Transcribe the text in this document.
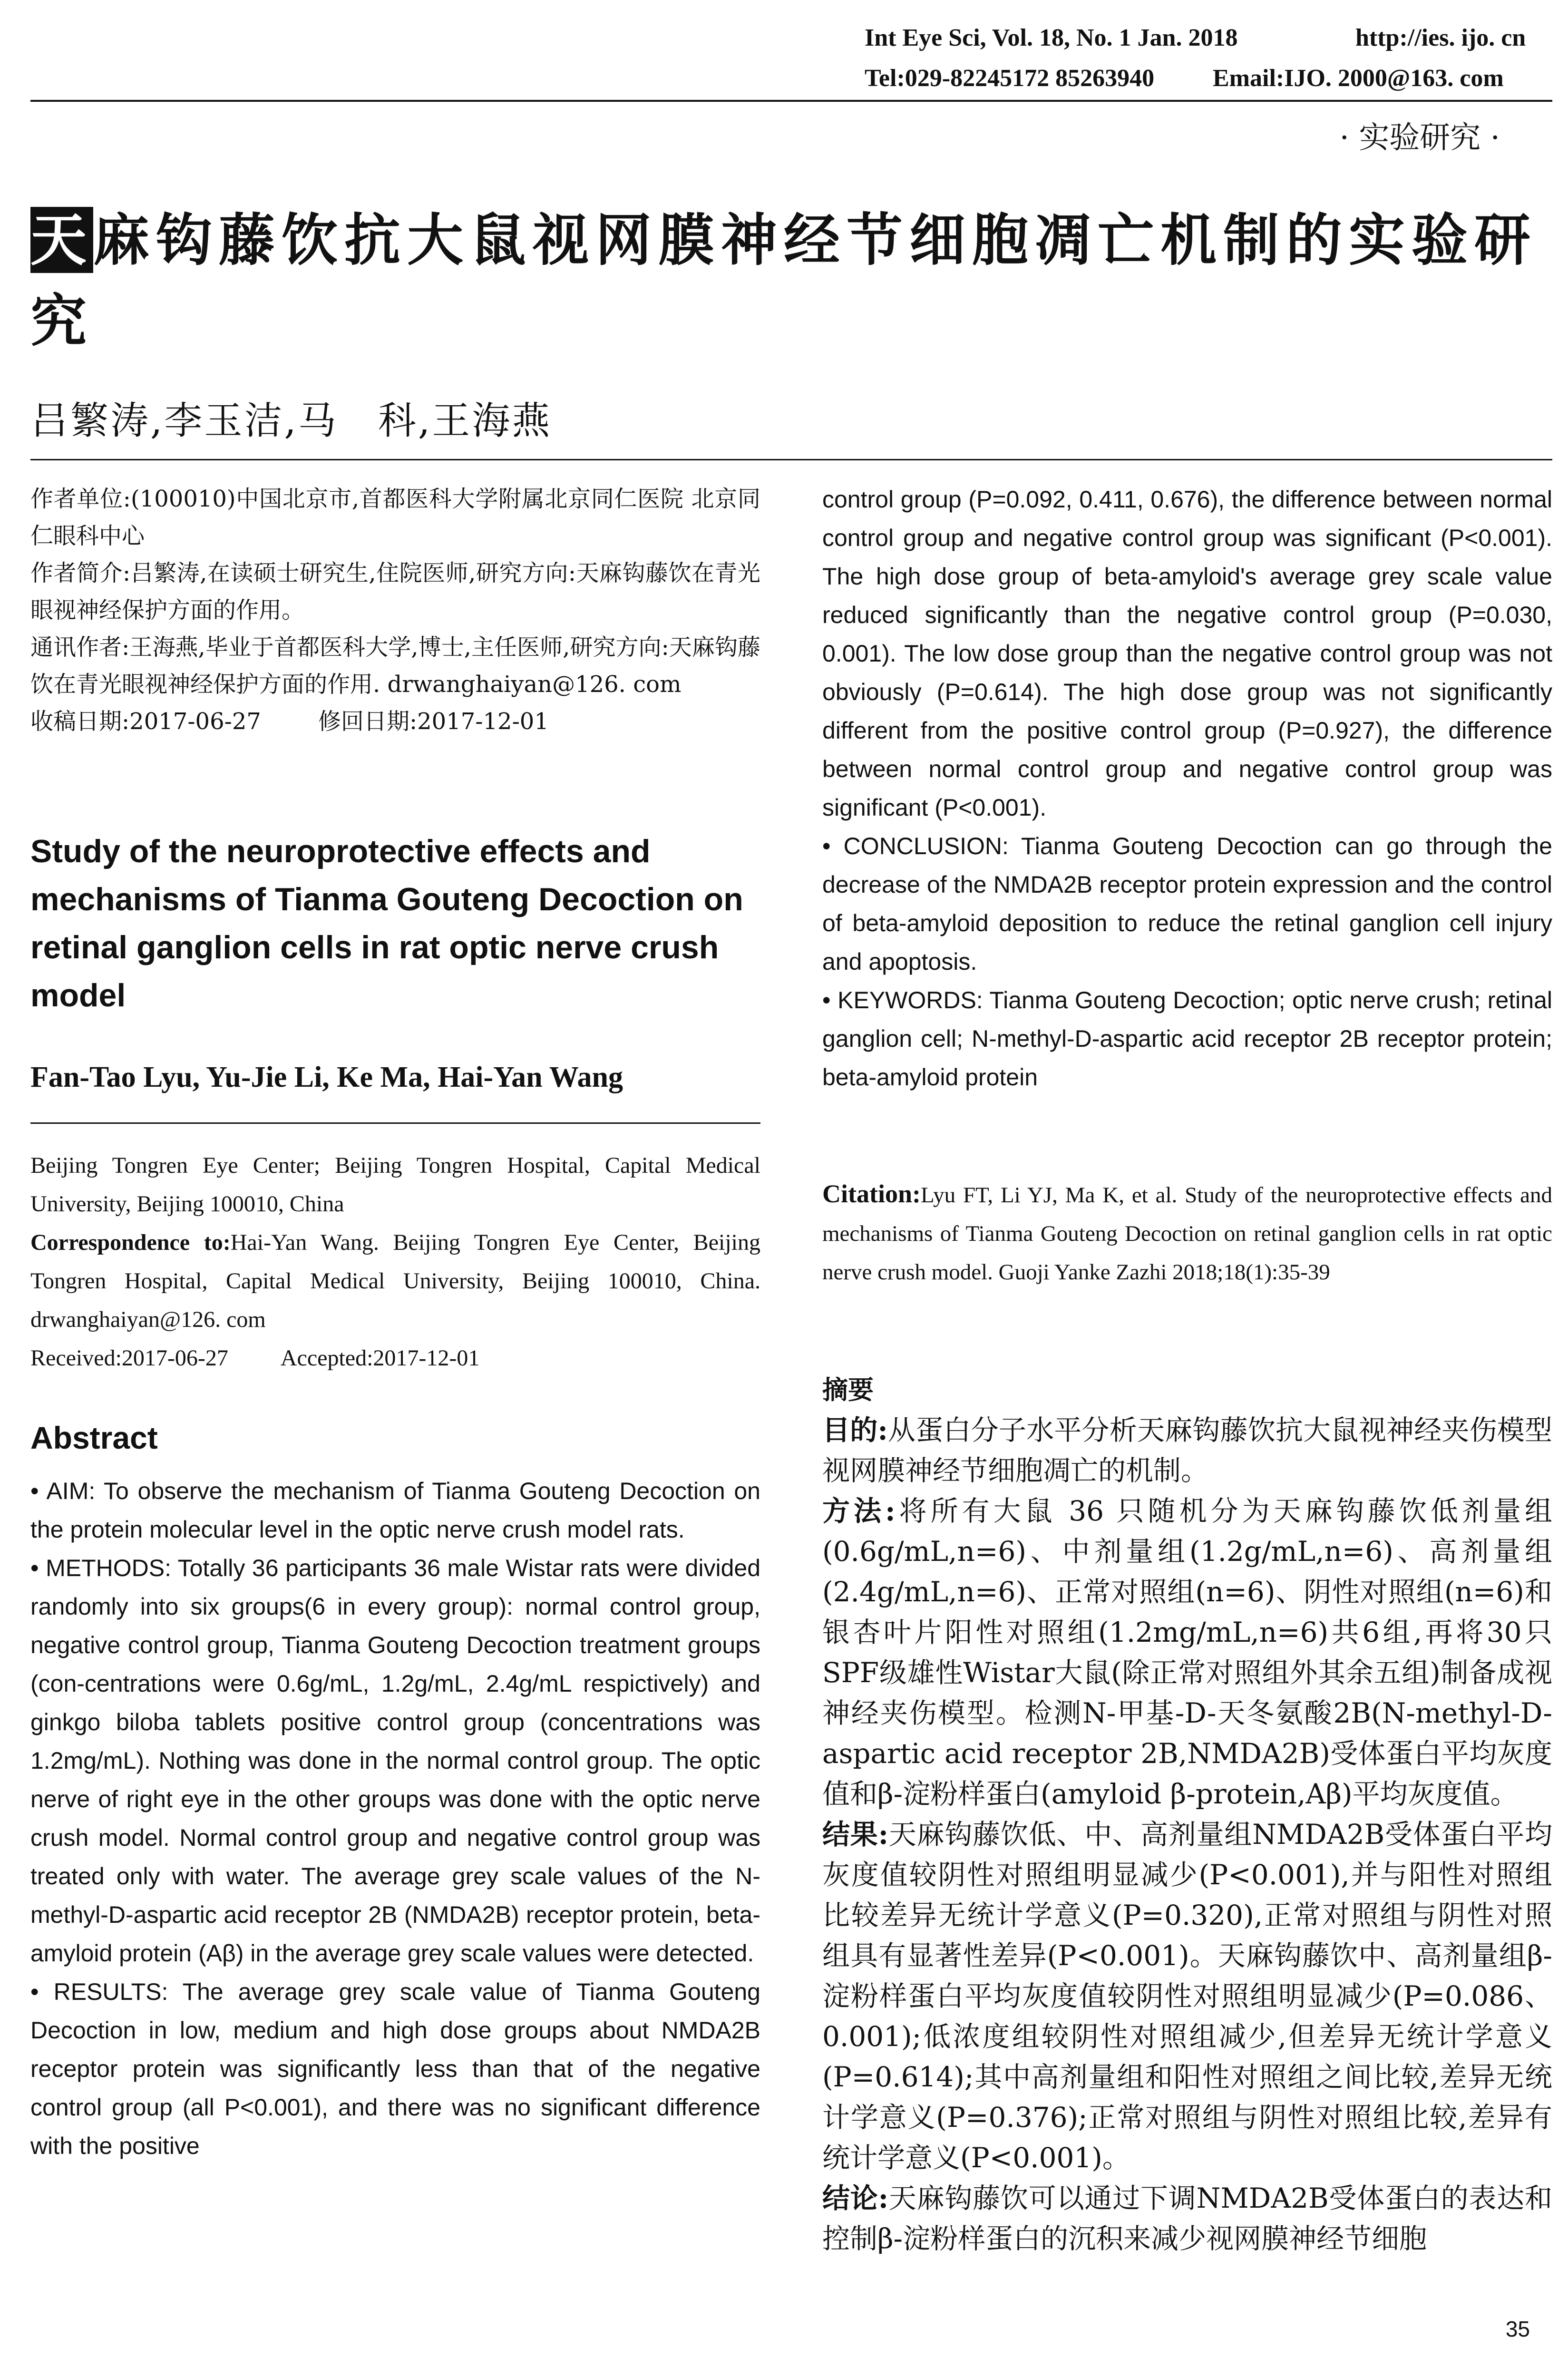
Int Eye Sci, Vol. 18, No. 1 Jan. 2018	http://ies. ijo. cn
Tel:029-82245172 85263940 Email:IJO. 2000@163. com
· 实验研究 ·
天麻钩藤饮抗大鼠视网膜神经节细胞凋亡机制的实验研究
吕繁涛,李玉洁,马　科,王海燕

作者单位:(100010)中国北京市,首都医科大学附属北京同仁医院 北京同仁眼科中心

作者简介:吕繁涛,在读硕士研究生,住院医师,研究方向:天麻钩藤饮在青光眼视神经保护方面的作用。

通讯作者:王海燕,毕业于首都医科大学,博士,主任医师,研究方向:天麻钩藤饮在青光眼视神经保护方面的作用. drwanghaiyan@126. com

收稿日期:2017-06-27	修回日期:2017-12-01

Study of the neuroprotective effects and mechanisms of Tianma Gouteng Decoction on retinal ganglion cells in rat optic nerve crush model
Fan-Tao Lyu, Yu-Jie Li, Ke Ma, Hai-Yan Wang

Beijing Tongren Eye Center; Beijing Tongren Hospital, Capital Medical University, Beijing 100010, China

Correspondence to:Hai-Yan Wang. Beijing Tongren Eye Center, Beijing Tongren Hospital, Capital Medical University, Beijing 100010, China. drwanghaiyan@126. com

Received:2017-06-27 Accepted:2017-12-01

Abstract

• AIM: To observe the mechanism of Tianma Gouteng Decoction on the protein molecular level in the optic nerve crush model rats.

• METHODS: Totally 36 participants 36 male Wistar rats were divided randomly into six groups(6 in every group): normal control group, negative control group, Tianma Gouteng Decoction treatment groups (con-centrations were 0.6g/mL, 1.2g/mL, 2.4g/mL respictively) and ginkgo biloba tablets positive control group (concentrations was 1.2mg/mL). Nothing was done in the normal control group. The optic nerve of right eye in the other groups was done with the optic nerve crush model. Normal control group and negative control group was treated only with water. The average grey scale values of the N-methyl-D-aspartic acid receptor 2B (NMDA2B) receptor protein, beta-amyloid protein (Aβ) in the average grey scale values were detected.

• RESULTS: The average grey scale value of Tianma Gouteng Decoction in low, medium and high dose groups about NMDA2B receptor protein was significantly less than that of the negative control group (all P<0.001), and there was no significant difference with the positive

control group (P=0.092, 0.411, 0.676), the difference between normal control group and negative control group was significant (P<0.001). The high dose group of beta-amyloid's average grey scale value reduced significantly than the negative control group (P=0.030, 0.001). The low dose group than the negative control group was not obviously (P=0.614). The high dose group was not significantly different from the positive control group (P=0.927), the difference between normal control group and negative control group was significant (P<0.001).

• CONCLUSION: Tianma Gouteng Decoction can go through the decrease of the NMDA2B receptor protein expression and the control of beta-amyloid deposition to reduce the retinal ganglion cell injury and apoptosis.

• KEYWORDS: Tianma Gouteng Decoction; optic nerve crush; retinal ganglion cell; N-methyl-D-aspartic acid receptor 2B receptor protein; beta-amyloid protein

Citation:Lyu FT, Li YJ, Ma K, et al. Study of the neuroprotective effects and mechanisms of Tianma Gouteng Decoction on retinal ganglion cells in rat optic nerve crush model. Guoji Yanke Zazhi 2018;18(1):35-39
摘要

目的:从蛋白分子水平分析天麻钩藤饮抗大鼠视神经夹伤模型视网膜神经节细胞凋亡的机制。

方法:将所有大鼠 36 只随机分为天麻钩藤饮低剂量组(0.6g/mL,n=6)、中剂量组(1.2g/mL,n=6)、高剂量组(2.4g/mL,n=6)、正常对照组(n=6)、阴性对照组(n=6)和银杏叶片阳性对照组(1.2mg/mL,n=6)共6组,再将30只SPF级雄性Wistar大鼠(除正常对照组外其余五组)制备成视神经夹伤模型。检测N-甲基-D-天冬氨酸2B(N-methyl-D-aspartic acid receptor 2B,NMDA2B)受体蛋白平均灰度值和β-淀粉样蛋白(amyloid β-protein,Aβ)平均灰度值。

结果:天麻钩藤饮低、中、高剂量组NMDA2B受体蛋白平均灰度值较阴性对照组明显减少(P<0.001),并与阳性对照组比较差异无统计学意义(P=0.320),正常对照组与阴性对照组具有显著性差异(P<0.001)。天麻钩藤饮中、高剂量组β-淀粉样蛋白平均灰度值较阴性对照组明显减少(P=0.086、0.001);低浓度组较阴性对照组减少,但差异无统计学意义(P=0.614);其中高剂量组和阳性对照组之间比较,差异无统计学意义(P=0.376);正常对照组与阴性对照组比较,差异有统计学意义(P<0.001)。

结论:天麻钩藤饮可以通过下调NMDA2B受体蛋白的表达和控制β-淀粉样蛋白的沉积来减少视网膜神经节细胞

35
